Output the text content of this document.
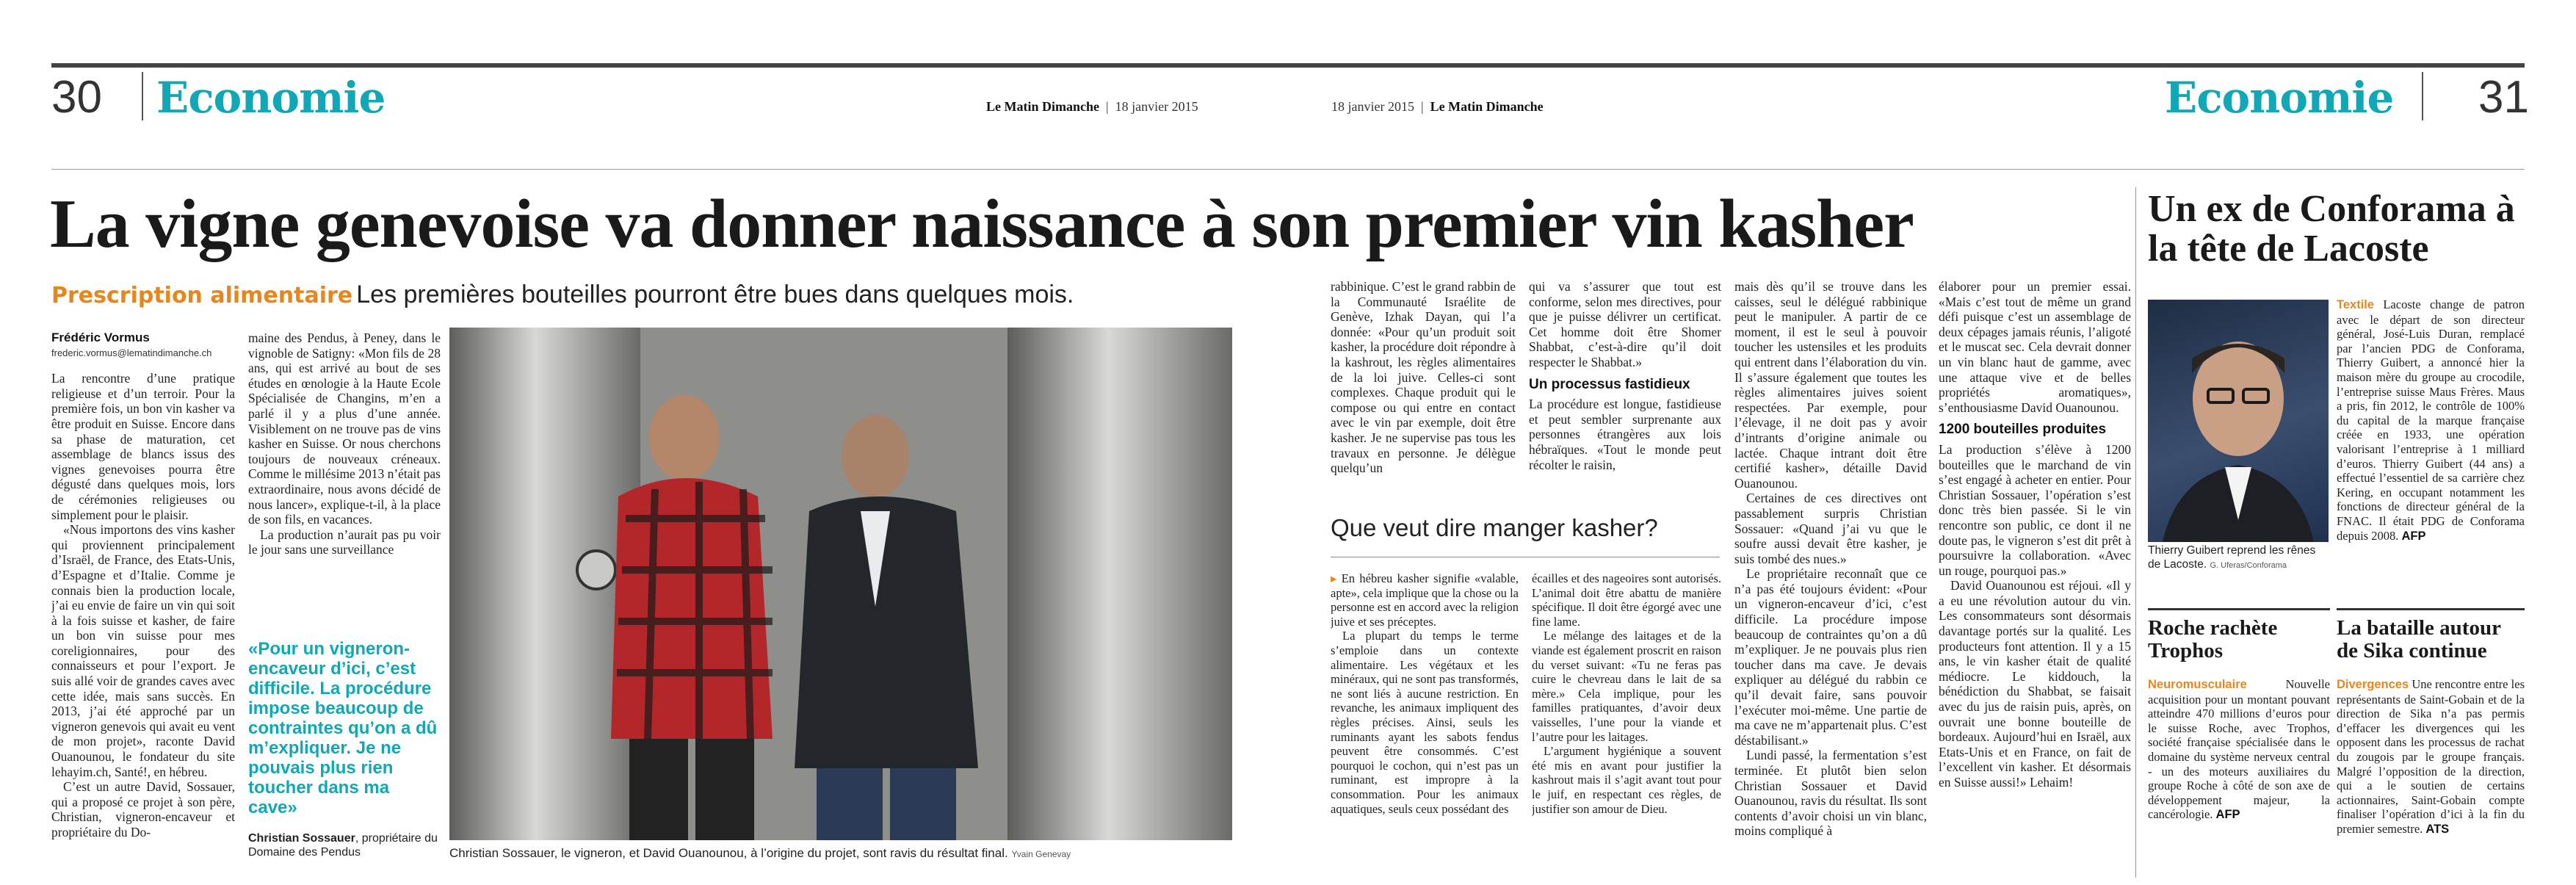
30 Economie	Le Matin Dimanche  |  18 janvier 2015	18 janvier 2015  |  Le Matin Dimanche	Economie 31
La vigne genevoise va donner naissance à son premier vin kasher
Prescription alimentaire Les premières bouteilles pourront être bues dans quelques mois.
Frédéric Vormus
frederic.vormus@lematindimanche.ch

La rencontre d’une pratique religieuse et d’un terroir. Pour la première fois, un bon vin kasher va être produit en Suisse. Encore dans sa phase de maturation, cet assemblage de blancs issus des vignes genevoises pourra être dégusté dans quelques mois, lors de cérémonies religieuses ou simplement pour le plaisir.

«Nous importons des vins kasher qui proviennent principalement d’Israël, de France, des Etats-Unis, d’Espagne et d’Italie. Comme je connais bien la production locale, j’ai eu envie de faire un vin qui soit à la fois suisse et kasher, de faire un bon vin suisse pour mes coreligionnaires, pour des connaisseurs et pour l’export. Je suis allé voir de grandes caves avec cette idée, mais sans succès. En 2013, j’ai été approché par un vigneron genevois qui avait eu vent de mon projet», raconte David Ouanounou, le fondateur du site lehayim.ch, Santé!, en hébreu.

C’est un autre David, Sossauer, qui a proposé ce projet à son père, Christian, vigneron-encaveur et propriétaire du Do-

maine des Pendus, à Peney, dans le vignoble de Satigny: «Mon fils de 28 ans, qui est arrivé au bout de ses études en œnologie à la Haute Ecole Spécialisée de Changins, m’en a parlé il y a plus d’une année. Visiblement on ne trouve pas de vins kasher en Suisse. Or nous cherchons toujours de nouveaux créneaux. Comme le millésime 2013 n’était pas extraordinaire, nous avons décidé de nous lancer», explique-t-il, à la place de son fils, en vacances.

La production n’aurait pas pu voir le jour sans une surveillance

«Pour un vigneron-encaveur d’ici, c’est difficile. La procédure impose beaucoup de contraintes qu’on a dû m’expliquer. Je ne pouvais plus rien toucher dans ma cave»
Christian Sossauer, propriétaire du Domaine des Pendus	Christian Sossauer, le vigneron, et David Ouanounou, à l’origine du projet, sont ravis du résultat final. Yvain Genevay

rabbinique. C’est le grand rabbin de la Communauté Israélite de Genève, Izhak Dayan, qui l’a donnée: «Pour qu’un produit soit kasher, la procédure doit répondre à la kashrout, les règles alimentaires de la loi juive. Celles-ci sont complexes. Chaque produit qui le compose ou qui entre en contact avec le vin par exemple, doit être kasher. Je ne supervise pas tous les travaux en personne. Je délègue quelqu’un

qui va s’assurer que tout est conforme, selon mes directives, pour que je puisse délivrer un certificat. Cet homme doit être Shomer Shabbat, c’est-à-dire qu’il doit respecter le Shabbat.»

Un processus fastidieux

La procédure est longue, fastidieuse et peut sembler surprenante aux personnes étrangères aux lois hébraïques. «Tout le monde peut récolter le raisin,

Que veut dire manger kasher?

▸ En hébreu kasher signifie «valable, apte», cela implique que la chose ou la personne est en accord avec la religion juive et ses préceptes.

La plupart du temps le terme s’emploie dans un contexte alimentaire. Les végétaux et les minéraux, qui ne sont pas transformés, ne sont liés à aucune restriction. En revanche, les animaux impliquent des règles précises. Ainsi, seuls les ruminants ayant les sabots fendus peuvent être consommés. C’est pourquoi le cochon, qui n’est pas un ruminant, est impropre à la consommation. Pour les animaux aquatiques, seuls ceux possédant des

écailles et des nageoires sont autorisés. L’animal doit être abattu de manière spécifique. Il doit être égorgé avec une fine lame.

Le mélange des laitages et de la viande est également proscrit en raison du verset suivant: «Tu ne feras pas cuire le chevreau dans le lait de sa mère.» Cela implique, pour les familles pratiquantes, d’avoir deux vaisselles, l’une pour la viande et l’autre pour les laitages.

L’argument hygiénique a souvent été mis en avant pour justifier la kashrout mais il s’agit avant tout pour le juif, en respectant ces règles, de justifier son amour de Dieu.

mais dès qu’il se trouve dans les caisses, seul le délégué rabbinique peut le manipuler. A partir de ce moment, il est le seul à pouvoir toucher les ustensiles et les produits qui entrent dans l’élaboration du vin. Il s’assure également que toutes les règles alimentaires juives soient respectées. Par exemple, pour l’élevage, il ne doit pas y avoir d’intrants d’origine animale ou lactée. Chaque intrant doit être certifié kasher», détaille David Ouanounou.

Certaines de ces directives ont passablement surpris Christian Sossauer: «Quand j’ai vu que le soufre aussi devait être kasher, je suis tombé des nues.»

Le propriétaire reconnaît que ce n’a pas été toujours évident: «Pour un vigneron-encaveur d’ici, c’est difficile. La procédure impose beaucoup de contraintes qu’on a dû m’expliquer. Je ne pouvais plus rien toucher dans ma cave. Je devais expliquer au délégué du rabbin ce qu’il devait faire, sans pouvoir l’exécuter moi-même. Une partie de ma cave ne m’appartenait plus. C’est déstabilisant.»

Lundi passé, la fermentation s’est terminée. Et plutôt bien selon Christian Sossauer et David Ouanounou, ravis du résultat. Ils sont contents d’avoir choisi un vin blanc, moins compliqué à

élaborer pour un premier essai. «Mais c’est tout de même un grand défi puisque c’est un assemblage de deux cépages jamais réunis, l’aligoté et le muscat sec. Cela devrait donner un vin blanc haut de gamme, avec une attaque vive et de belles propriétés aromatiques», s’enthousiasme David Ouanounou.

1200 bouteilles produites

La production s’élève à 1200 bouteilles que le marchand de vin s’est engagé à acheter en entier. Pour Christian Sossauer, l’opération s’est donc très bien passée. Si le vin rencontre son public, ce dont il ne doute pas, le vigneron s’est dit prêt à poursuivre la collaboration. «Avec un rouge, pourquoi pas.»

David Ouanounou est réjoui. «Il y a eu une révolution autour du vin. Les consommateurs sont désormais davantage portés sur la qualité. Les producteurs font attention. Il y a 15 ans, le vin kasher était de qualité médiocre. Le kiddouch, la bénédiction du Shabbat, se faisait avec du jus de raisin puis, après, on ouvrait une bonne bouteille de bordeaux. Aujourd’hui en Israël, aux Etats-Unis et en France, on fait de l’excellent vin kasher. Et désormais en Suisse aussi!» Lehaim!

Un ex de Conforama à la tête de Lacoste
Thierry Guibert reprend les rênes de Lacoste. G. Uferas/Conforama

Textile Lacoste change de patron avec le départ de son directeur général, José-Luis Duran, remplacé par l’ancien PDG de Conforama, Thierry Guibert, a annoncé hier la maison mère du groupe au crocodile, l’entreprise suisse Maus Frères. Maus a pris, fin 2012, le contrôle de 100% du capital de la marque française créée en 1933, une opération valorisant l’entreprise à 1 milliard d’euros. Thierry Guibert (44 ans) a effectué l’essentiel de sa carrière chez Kering, en occupant notamment les fonctions de directeur général de la FNAC. Il était PDG de Conforama depuis 2008. AFP

Roche rachète Trophos

Neuromusculaire	Nouvelle acquisition pour un montant pouvant atteindre 470 millions d’euros pour le suisse Roche, avec Trophos, société française spécialisée dans le domaine du système nerveux central - un des moteurs auxiliaires du groupe Roche à côté de son axe de développement majeur, la cancérologie. AFP

La bataille autour de Sika continue

Divergences Une rencontre entre les représentants de Saint-Gobain et de la direction de Sika n’a pas permis d’effacer les divergences qui les opposent dans les processus de rachat du zougois par le groupe français. Malgré l’opposition de la direction, qui a le soutien de certains actionnaires, Saint-Gobain compte finaliser l’opération d’ici à la fin du premier semestre. ATS
